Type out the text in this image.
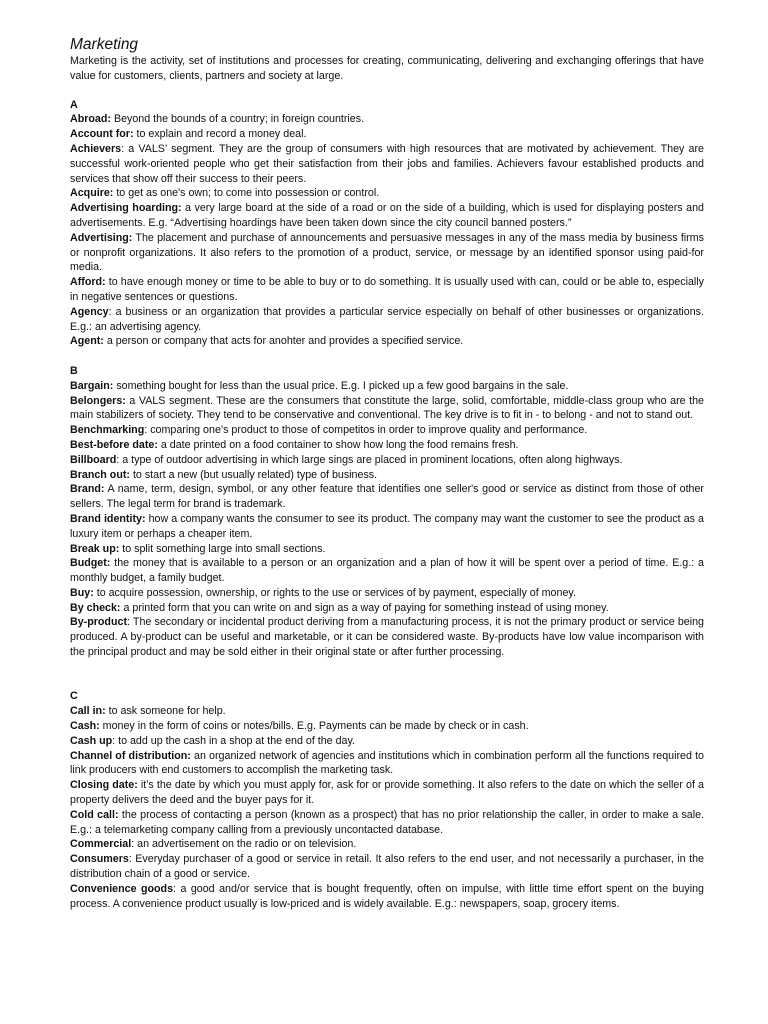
Marketing

Marketing is the activity, set of institutions and processes for creating, communicating, delivering and exchanging offerings that have value for customers, clients, partners and society at large.

A

Abroad: Beyond the bounds of a country; in foreign countries.

Account for: to explain and record a money deal.

Achievers: a VALS’ segment. They are the group of consumers with high resources that are motivated by achievement. They are successful work-oriented people who get their satisfaction from their jobs and families. Achievers favour established products and services that show off their success to their peers.

Acquire: to get as one's own; to come into possession or control.

Advertising hoarding: a very large board at the side of a road or on the side of a building, which is used for displaying posters and advertisements. E.g. “Advertising hoardings have been taken down since the city council banned posters.”

Advertising: The placement and purchase of announcements and persuasive messages in any of the mass media by business firms or nonprofit organizations. It also refers to the promotion of a product, service, or message by an identified sponsor using paid-for media.

Afford: to have enough money or time to be able to buy or to do something. It is usually used with can, could or be able to, especially in negative sentences or questions.

Agency: a business or an organization that provides a particular service especially on behalf of other businesses or organizations. E.g.: an advertising agency.

Agent: a person or company that acts for anohter and provides a specified service.

B

Bargain: something bought for less than the usual price. E.g. I picked up a few good bargains in the sale.

Belongers: a VALS segment. These are the consumers that constitute the large, solid, comfortable, middle-class group who are the main stabilizers of society. They tend to be conservative and conventional. The key drive is to fit in - to belong - and not to stand out.

Benchmarking: comparing one’s product to those of competitos in order to improve quality and performance.

Best-before date: a date printed on a food container to show how long the food remains fresh.

Billboard: a type of outdoor advertising in which large sings are placed in prominent locations, often along highways.

Branch out: to start a new (but usually related) type of business.

Brand: A name, term, design, symbol, or any other feature that identifies one seller's good or service as distinct from those of other sellers. The legal term for brand is trademark.

Brand identity: how a company wants the consumer to see its product. The company may want the customer to see the product as a luxury item or perhaps a cheaper item.

Break up: to split something large into small sections.

Budget: the money that is available to a person or an organization and a plan of how it will be spent over a period of time. E.g.: a monthly budget, a family budget.

Buy: to acquire possession, ownership, or rights to the use or services of by payment, especially of money.

By check: a printed form that you can write on and sign as a way of paying for something instead of using money.

By-product: The secondary or incidental product deriving from a manufacturing process, it is not the primary product or service being produced. A by-product can be useful and marketable, or it can be considered waste. By-products have low value incomparison with the principal product and may be sold either in their original state or after further processing.

C

Call in: to ask someone for help.

Cash: money in the form of coins or notes/bills. E.g. Payments can be made by check or in cash.

Cash up: to add up the cash in a shop at the end of the day.

Channel of distribution: an organized network of agencies and institutions which in combination perform all the functions required to link producers with end customers to accomplish the marketing task.

Closing date: it’s the date by which you must apply for, ask for or provide something. It also refers to the date on which the seller of a property delivers the deed and the buyer pays for it.

Cold call: the process of contacting a person (known as a prospect) that has no prior relationship the caller, in order to make a sale. E.g.: a telemarketing company calling from a previously uncontacted database.

Commercial: an advertisement on the radio or on television.

Consumers: Everyday purchaser of a good or service in retail. It also refers to the end user, and not necessarily a purchaser, in the distribution chain of a good or service.

Convenience goods: a good and/or service that is bought frequently, often on impulse, with little time effort spent on the buying process. A convenience product usually is low-priced and is widely available. E.g.: newspapers, soap, grocery items.
